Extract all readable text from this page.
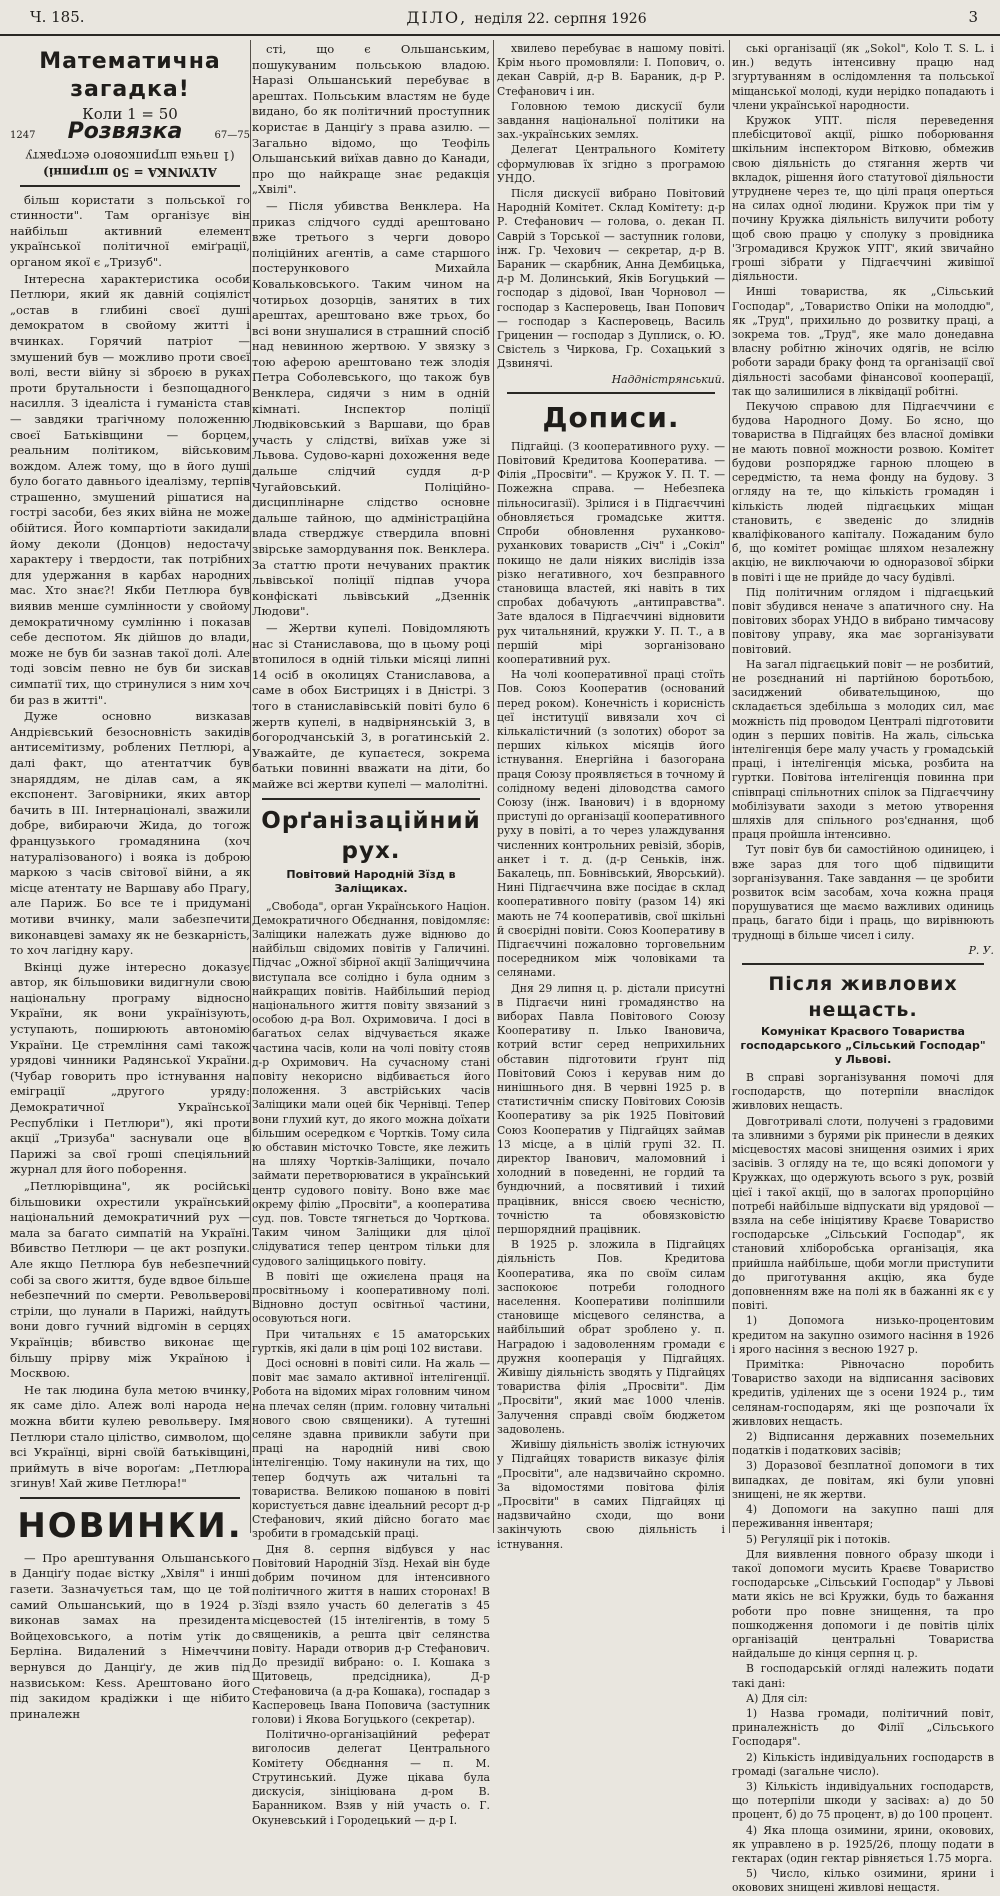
Ч. 185.	ДІЛО, неділя 22. серпня 1926	3
Математична загадка!
Коли 1 = 50
1247 Розвязка	67—75
ALYMNKA = 50 штрипні)
(1 пачка штрипкового екстракту

більш користати з польської го стинности". Там організує він найбільш активний елемент української політичної еміґрації, органом якої є „Тризуб".

Інтересна характеристика особи Петлюри, який як давній соціяліст „остав в глибині своєї душі демократом в свойому житті і вчинках. Горячий патріот — змушений був — можливо проти своєї волі, вести війну зі зброєю в руках проти брутальности і безпощадного насилля. З ідеаліста і гуманіста став — завдяки трагічному положенню своєї Батьківщини — борцем, реальним політиком, військовим вождом. Алеж тому, що в його душі було богато давнього ідеалізму, терпів страшенно, змушений рішатися на гострі засоби, без яких війна не може обійтися. Його компартіоти закидали йому деколи (Донцов) недостачу характеру і твердости, так потрібних для удержання в карбах народних мас. Хто знає?! Якби Петлюра був виявив менше сумлінности у свойому демократичному сумлінню і показав себе деспотом. Як дійшов до влади, може не був би зазнав такої долі. Але тоді зовсім певно не був би зискав симпатії тих, що стринулися з ним хоч би раз в житті".

Дуже основно визказав Андрієвський безосновність закидів антисемітизму, роблених Петлюрі, а далі факт, що атентатчик був знаряддям, не ділав сам, а як експонент. Заговірники, яких автор бачить в III. Інтернаціоналі, зважили добре, вибираючи Жида, до тогож французького громадянина (хоч натуралізованого) і вояка із доброю маркою з часів світової війни, а як місце атентату не Варшаву або Прагу, але Париж. Бо все те і придумані мотиви вчинку, мали забезпечити виконавцеві замаху як не безкарність, то хоч лагідну кару.

Вкінці дуже інтересно доказує автор, як більшовики видигнули свою національну програму відносно України, як вони українізують, уступають, поширюють автономію України. Це стремління самі також урядові чинники Радянської України. (Чубар говорить про істнування на еміграції „другого уряду: Демократичної Української Республіки і Петлюри"), які проти акції „Тризуба" заснували оце в Парижі за свої гроші спеціяльний журнал для його поборення.

„Петлюрівщина", як російські більшовики охрестили український національний демократичний рух — мала за багато симпатій на Україні. Вбивство Петлюри — це акт розпуки. Але якщо Петлюра був небезпечний собі за свого життя, буде вдвое більше небезпечний по смерти. Револьверові стріли, що лунали в Парижі, найдуть вони довго гучний відгомін в серцях Українців; вбивство виконає ще більшу прірву між Україною і Москвою.

Не так людина була метою вчинку, як саме діло. Алеж волі народа не можна вбити кулею револьверу. Імя Петлюри стало ціліство, символом, що всі Українці, вірні своїй батьківщині, приймуть в віче вороґам: „Петлюра згинув! Хай живе Петлюра!"

НОВИНКИ.

— Про арештування Ольшанського в Данціґу подає вістку „Хвіля" і инші газети. Зазначується там, що це той самий Ольшанський, що в 1924 р. виконав замах на президента Войцеховського, а потім утік до Берліна. Видалений з Німеччини вернувся до Данціґу, де жив під назвиськом: Kess. Арештовано його під закидом крадіжки і ще нібито приналежн

сті, що є Ольшанським, пошукуваним польською владою. Наразі Ольшанський перебуває в арештах. Польським властям не буде видано, бо як політичний проступник користає в Данціґу з права азилю. — Загально відомо, що Теофіль Ольшанський виїхав давно до Канади, про що найкраще знає редакція „Хвілі".

— Після убивства Венклера. На приказ слідчого судді арештовано вже третього з черги доворо поліційних агентів, а саме старшого постерункового Михайла Ковальковського. Таким чином на чотирьох дозорців, занятих в тих арештах, арештовано вже трьох, бо всі вони знушалися в страшний спосіб над невинною жертвою. У звязку з тою аферою арештовано теж злодія Петра Соболевського, що також був Венклера, сидячи з ним в одній кімнаті. Інспектор поліції Людвіковський з Варшави, що брав участь у слідстві, виїхав уже зі Львова. Судово-карні дохоження веде дальше слідчий суддя д-р Чугайовський. Поліційно-дисциплінарне слідство основне дальше тайною, що адміністраційна влада стверджує ствердила вповні звірське замордування пок. Венклера. За статтю проти нечуваних практик львівської поліції підпав учора конфіскаті львівський „Дзеннік Людови".

— Жертви купелі. Повідомляють нас зі Станиславова, що в цьому році втопилося в одній тільки місяці липні 14 осіб в околицях Станиславова, а саме в обох Бистрицях і в Дністрі. З того в станиславівській повіті було 6 жертв купелі, в надвірнянській 3, в богородчанській 3, в рогатинській 2. Уважайте, де купаєтеся, зокрема батьки повинні вважати на діти, бо майже всі жертви купелі — малолітні.

Орґанізаційний рух.
Повітовий Народній Зїзд в Заліщиках.

„Свобода", орган Українського Націон. Демократичного Обєднання, повідомляє: Заліщики належать дуже віднюво до найбільш свідомих повітів у Галичині. Підчас „Ожної збірної акції Заліщиччина виступала все солідно і була одним з найкращих повітів. Найбільший період національного життя повіту звязаний з особою д-ра Вол. Охримовича. І досі в багатьох селах відчувається якаже частина часів, коли на чолі повіту стояв д-р Охримович. На сучасному стані повіту некорисно відбивається його положення. З австрійських часів Заліщики мали оцей бік Чернівці. Тепер вони глухий кут, до якого можна доїхати більшим осередком є Чортків. Тому сила ю обставин місточко Товсте, яке лежить на шляху Чортків-Заліщики, почало займати перетворюватися в український центр судового повіту. Воно вже має окрему філію „Просвіти", а кооператива суд. пов. Товсте тягнеться до Чорткова. Таким чином Заліщики для цілої слідуватися тепер центром тільки для судового заліщицького повіту.

В повіті ще ожиєлена праця на просвітньому і кооперативному полі. Відновно доступ освітньої частини, осовуються ноги.

При читальнях є 15 аматорських гуртків, які дали в цім році 102 вистави.

Досі основні в повіті сили. На жаль — повіт має замало активної інтелігенції. Робота на відомих мірах головним чином на плечах селян (прим. головну читальні нового свою священики). А тутешні селяне здавна привикли забути при праці на народній ниві свою інтелігенцію. Тому накинули на тих, що тепер бодчуть аж читальні та товариства. Великою пошаною в повіті користується давнє ідеальний ресорт д-р Стефанович, який дійсно богато має зробити в громадській праці.

Дня 8. серпня відбувся у нас Повітовий Народній Зїзд. Нехай він буде добрим почином для інтенсивного політичного життя в наших сторонах! В Зїзді взяло участь 60 делегатів з 45 місцевостей (15 інтелігентів, в тому 5 священиків, а решта цвіт селянства повіту. Наради отворив д-р Стефанович. До президії вибрано: о. І. Кошака з Щитовець, предсідника), Д-р Стефановича (а д-ра Кошака), госпадар з Касперовець Івана Поповича (заступник голови) і Якова Богуцького (секретар).

Політично-організаційний реферат виголосив делегат Центрального Комітету Обєднання — п. М. Струтинський. Дуже цікава була дискусія, зініціювана д-ром В. Баранником. Взяв у ній участь о. Г. Окуневський і Городецький — д-р І.

хвилево перебуває в нашому повіті. Крім нього промовляли: І. Попович, о. декан Саврій, д-р В. Бараник, д-р Р. Стефанович і ин.

Головною темою дискусії були завдання національної політики на зах.-українських землях.

Делегат Центрального Комітету сформулював їх згідно з програмою УНДО.

Після дискусії вибрано Повітовий Народній Комітет. Склад Комітету: д-р Р. Стефанович — голова, о. декан П. Саврій з Торської — заступник голови, інж. Гр. Чехович — секретар, д-р В. Бараник — скарбник, Анна Дембицька, д-р М. Долинський, Яків Богуцький — господар з дідової, Іван Чорновол — господар з Касперовець, Іван Попович — господар з Касперовець, Василь Гриценин — господар з Дуплиск, о. Ю. Свістель з Чиркова, Гр. Сохацький з Дзвинячі.

Наддністрянський.

Дописи.

Підгайці. (З кооперативного руху. — Повітовий Кредитова Кооператива. — Філія „Просвіти". — Кружок У. П. Т. — Пожежна справа. — Небезпека пільносигазії). Зрілися і в Підгаєччині обновляється громадське життя. Спроби обновлення руханково-руханкових товариств „Січ" і „Сокіл" покищо не дали ніяких вислідів ізза різко негативного, хоч безправного становища властей, які навіть в тих спробах добачують „антиправства". Зате вдалося в Підгаєччині відновити рух читальняний, кружки У. П. Т., а в першій мірі зорганізовано кооперативний рух.

На чолі кооперативної праці стоїть Пов. Союз Кооператив (оснований перед роком). Конечність і корисність цеї інституції вивязали хоч сі кількалістичний (з золотих) оборот за перших кількох місяців його істнування. Енергійна і базогорана праця Союзу проявляється в точному й солідному ведені діловодства самого Союзу (інж. Іванович) і в вдорному приступі до організації кооперативного руху в повіті, а то через улаждування численних контрольних ревізій, зборів, анкет і т. д. (д-р Сеньків, інж. Бакалець, пп. Бовнівський, Яворський). Нині Підгаєччина вже посідає в склад кооперативного повіту (разом 14) які мають не 74 кооперативів, свої шкільні й своєрідні повіти. Союз Кооперативу в Підгаєччині пожаловно торговельним посередником між чоловіками та селянами.

Дня 29 липня ц. р. дістали присутні в Підгаєчи нині громадянство на виборах Павла Повітового Союзу Кооперативу п. Ілько Івановича, котрий встиг серед неприхильних обставин підготовити ґрунт під Повітовий Союз і керував ним до нинішнього дня. В червні 1925 р. в статистичнім списку Повітових Союзів Кооперативу за рік 1925 Повітовий Союз Кооператив у Підгайцях займав 13 місце, а в цілій групі 32. П. директор Іванович, маломовний і холодний в поведенні, не гордий та бундючний, а посвятивий і тихий працівник, внісся своєю чесністю, точністю та обовязковістю першорядний працівник.

В 1925 р. зложила в Підгайцях діяльність Пов. Кредитова Кооператива, яка по своїм силам заспокоює потреби голодного населення. Кооперативи поліпшили становище місцевого селянства, а найбільший обрат зроблено у. п. Наградою і задоволенням громади є дружня кооперація у Підгайцях. Живішу діяльність зводять у Підгайцях товариства філія „Просвіти". Дім „Просвіти", який має 1000 членів. Залучення справді своїм бюджетом задоволень.

Живішу діяльність зволіж істнуючих у Підгайцях товариств виказує філія „Просвіти", але надзвичайно скромно. За відомостями повітова філія „Просвіти" в самих Підгайцях ці надзвичайно сходи, що вони закінчують свою діяльність і істнування.

ські організації (як „Sokol", Kolo T. S. L. і ин.) ведуть інтенсивну працю над згуртуванням в ослідомлення та польської міщанської молоді, куди нерідко попадають і члени української народности.

Кружок УПТ. після переведення плебісцитової акції, рішко поборювання шкільним інспектором Вітковю, обмежив свою діяльність до стягання жертв чи вкладок, рішення його статутової діяльности утруднене через те, що цілі праця оперться на силах одної людини. Кружок при тім у почину Кружка діяльність вилучити роботу щоб свою працю у сполуку з провідника 'Згромадився Кружок УПТ', який звичайно гроші зібрати у Підгаєччині живішої діяльности.

Инші товариства, як „Сільський Господар", „Товариство Опіки на молоддю", як „Труд", прихильно до розвитку праці, а зокрема тов. „Труд", яке мало донедавна власну робітню жіночих одягів, не всілю роботи заради браку фонд та організації свої діяльності засобами фінансової кооперації, так що залишилися в ліквідації робітні.

Пекучою справою для Підгаєччини є будова Народного Дому. Бо ясно, що товариства в Підгайцях без власної домівки не мають повної можности розвою. Комітет будови розпорядже гарною площею в середмістю, та нема фонду на будову. З огляду на те, що кількість громадян і кількість людей підгаєцьких міщан становить, є зведеніс до злиднів кваліфікованого капіталу. Пожаданим було б, що комітет роміщає шляхом незалежну акцію, не виключаючи ю одноразової збірки в повіті і ще не прийде до часу будівлі.

Під політичним оглядом і підгаєцький повіт збудився неначе з апатичного сну. На повітових зборах УНДО в вибрано тимчасову повітову управу, яка має зорганізувати повітовий.

На загал підгаєцький повіт — не розбитий, не розєднаний ні партійною боротьбою, засиджений обивательщиною, що складається здебільша з молодих сил, має можність під проводом Централі підготовити один з перших повітів. На жаль, сільська інтелігенція бере малу участь у громадській праці, і інтелігенція міська, розбита на гуртки. Повітова інтелігенція повинна при співпраці спільнотних спілок за Підгаєччину мобілізувати заходи з метою утворення шляхів для спільного роз'єднання, щоб праця пройшла інтенсивно.

Тут повіт був би самостійною одиницею, і вже зараз для того щоб підвищити зорганізування. Таке завдання — це зробити розвиток всім засобам, хоча кожна праця порушуватися ще маємо важливих одиниць праць, багато біди і праць, що вирівнюють труднощі в більше чисел і силу.

Р. У.

Після живлових нещасть.
Комунікат Красвого Товариства господарського „Сільський Господар" у Львові.

В справі зорганізування помочі для господарств, що потерпіли внаслідок живлових нещасть.

Довготривалі слоти, получені з градовими та зливними з бурями рік принесли в деяких місцевостях масові знищення озимих і ярих засівів. З огляду на те, що всякі допомоги у Кружках, що одержують всього з рук, розвій цієї і такої акції, що в залогах пропорційно потребі найбільше відпускати від урядової — взяла на себе ініціятиву Краєве Товариство господарське „Сільський Господар", як становий хліборобська організація, яка прийшла найбільше, щоби могли приступити до приготування акцію, яка буде доповненням вже на полі як в бажанні як є у повіті.

1) Допомога низько-процентовим кредитом на закупно озимого насіння в 1926 і ярого насіння з весною 1927 р.

Примітка: Рівночасно поробить Товариство заходи на відписання засівових кредитів, уділених ще з осени 1924 р., тим селянам-господарям, які ще розпочали їх живлових нещасть.

2) Відписання державних поземельних податків і податкових засівів;

3) Доразової безплатної допомоги в тих випадках, де повітам, які були уповні знищені, не як жертви.

4) Допомоги на закупно паші для переживання інвентаря;

5) Регуляції рік і потоків.

Для виявлення повного образу шкоди і такої допомоги мусить Краєве Товариство господарське „Сільський Господар" у Львові мати якісь не всі Кружки, будь то бажання роботи про повне знищення, та про пошкодження допомоги і де повітів ціліх організацій центральні Товариства найдальше до кінця серпня ц. р.

В господарській огляді належить подати такі дані:

А) Для сіл:

1) Назва громади, політичний повіт, приналежність до Філії „Сільського Господаря".

2) Кількість індивідуальних господарств в громаді (загальне число).

3) Кількість індивідуальних господарств, що потерпіли шкоди у засівах: а) до 50 процент, б) до 75 процент, в) до 100 процент.

4) Яка площа озимини, ярини, оковових, як управлено в р. 1925/26, площу подати в гектарах (один гектар рівняється 1.75 морга.

5) Число, кілько озимини, ярини і оковових знищені живлові нещастя.
